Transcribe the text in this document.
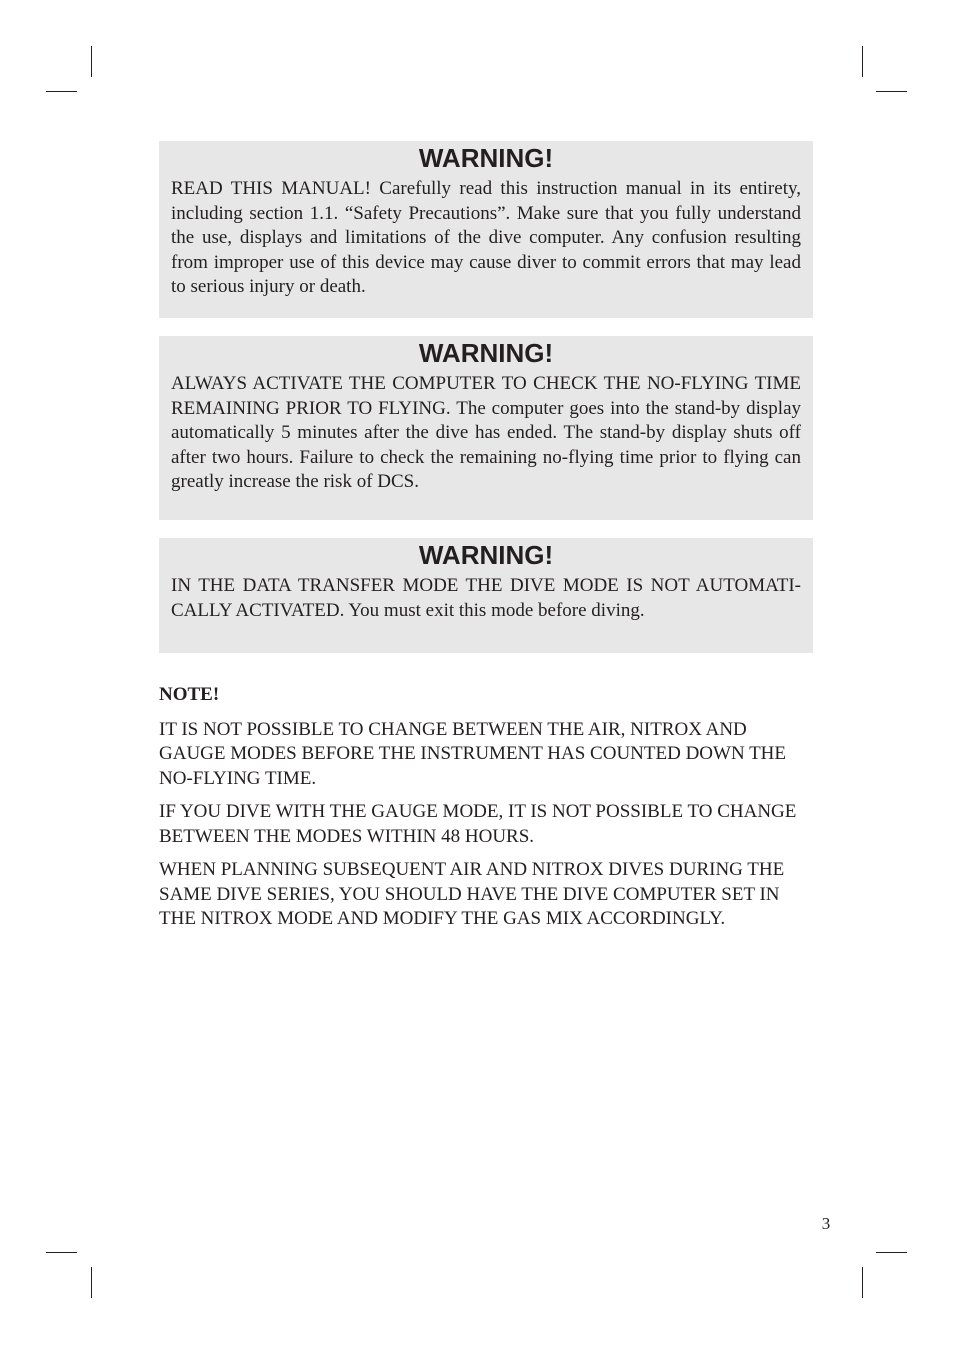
WARNING!
READ THIS MANUAL! Carefully read this instruction manual in its entirety, including section 1.1. “Safety Precautions”. Make sure that you fully understand the use, displays and limitations of the dive computer. Any confusion resulting from improper use of this device may cause diver to commit errors that may lead to serious injury or death.
WARNING!
ALWAYS ACTIVATE THE COMPUTER TO CHECK THE NO-FLYING TIME REMAINING PRIOR TO FLYING. The computer goes into the stand-by display automatically 5 minutes after the dive has ended. The stand-by display shuts off after two hours. Failure to check the remaining no-flying time prior to flying can greatly increase the risk of DCS.
WARNING!
IN THE DATA TRANSFER MODE THE DIVE MODE IS NOT AUTOMATI-CALLY ACTIVATED. You must exit this mode before diving.

NOTE!

IT IS NOT POSSIBLE TO CHANGE BETWEEN THE AIR, NITROX AND GAUGE MODES BEFORE THE INSTRUMENT HAS COUNTED DOWN THE NO-FLYING TIME.

IF YOU DIVE WITH THE GAUGE MODE, IT IS NOT POSSIBLE TO CHANGE BETWEEN THE MODES WITHIN 48 HOURS.

WHEN PLANNING SUBSEQUENT AIR AND NITROX DIVES DURING THE SAME DIVE SERIES, YOU SHOULD HAVE THE DIVE COMPUTER SET IN THE NITROX MODE AND MODIFY THE GAS MIX ACCORDINGLY.

3
